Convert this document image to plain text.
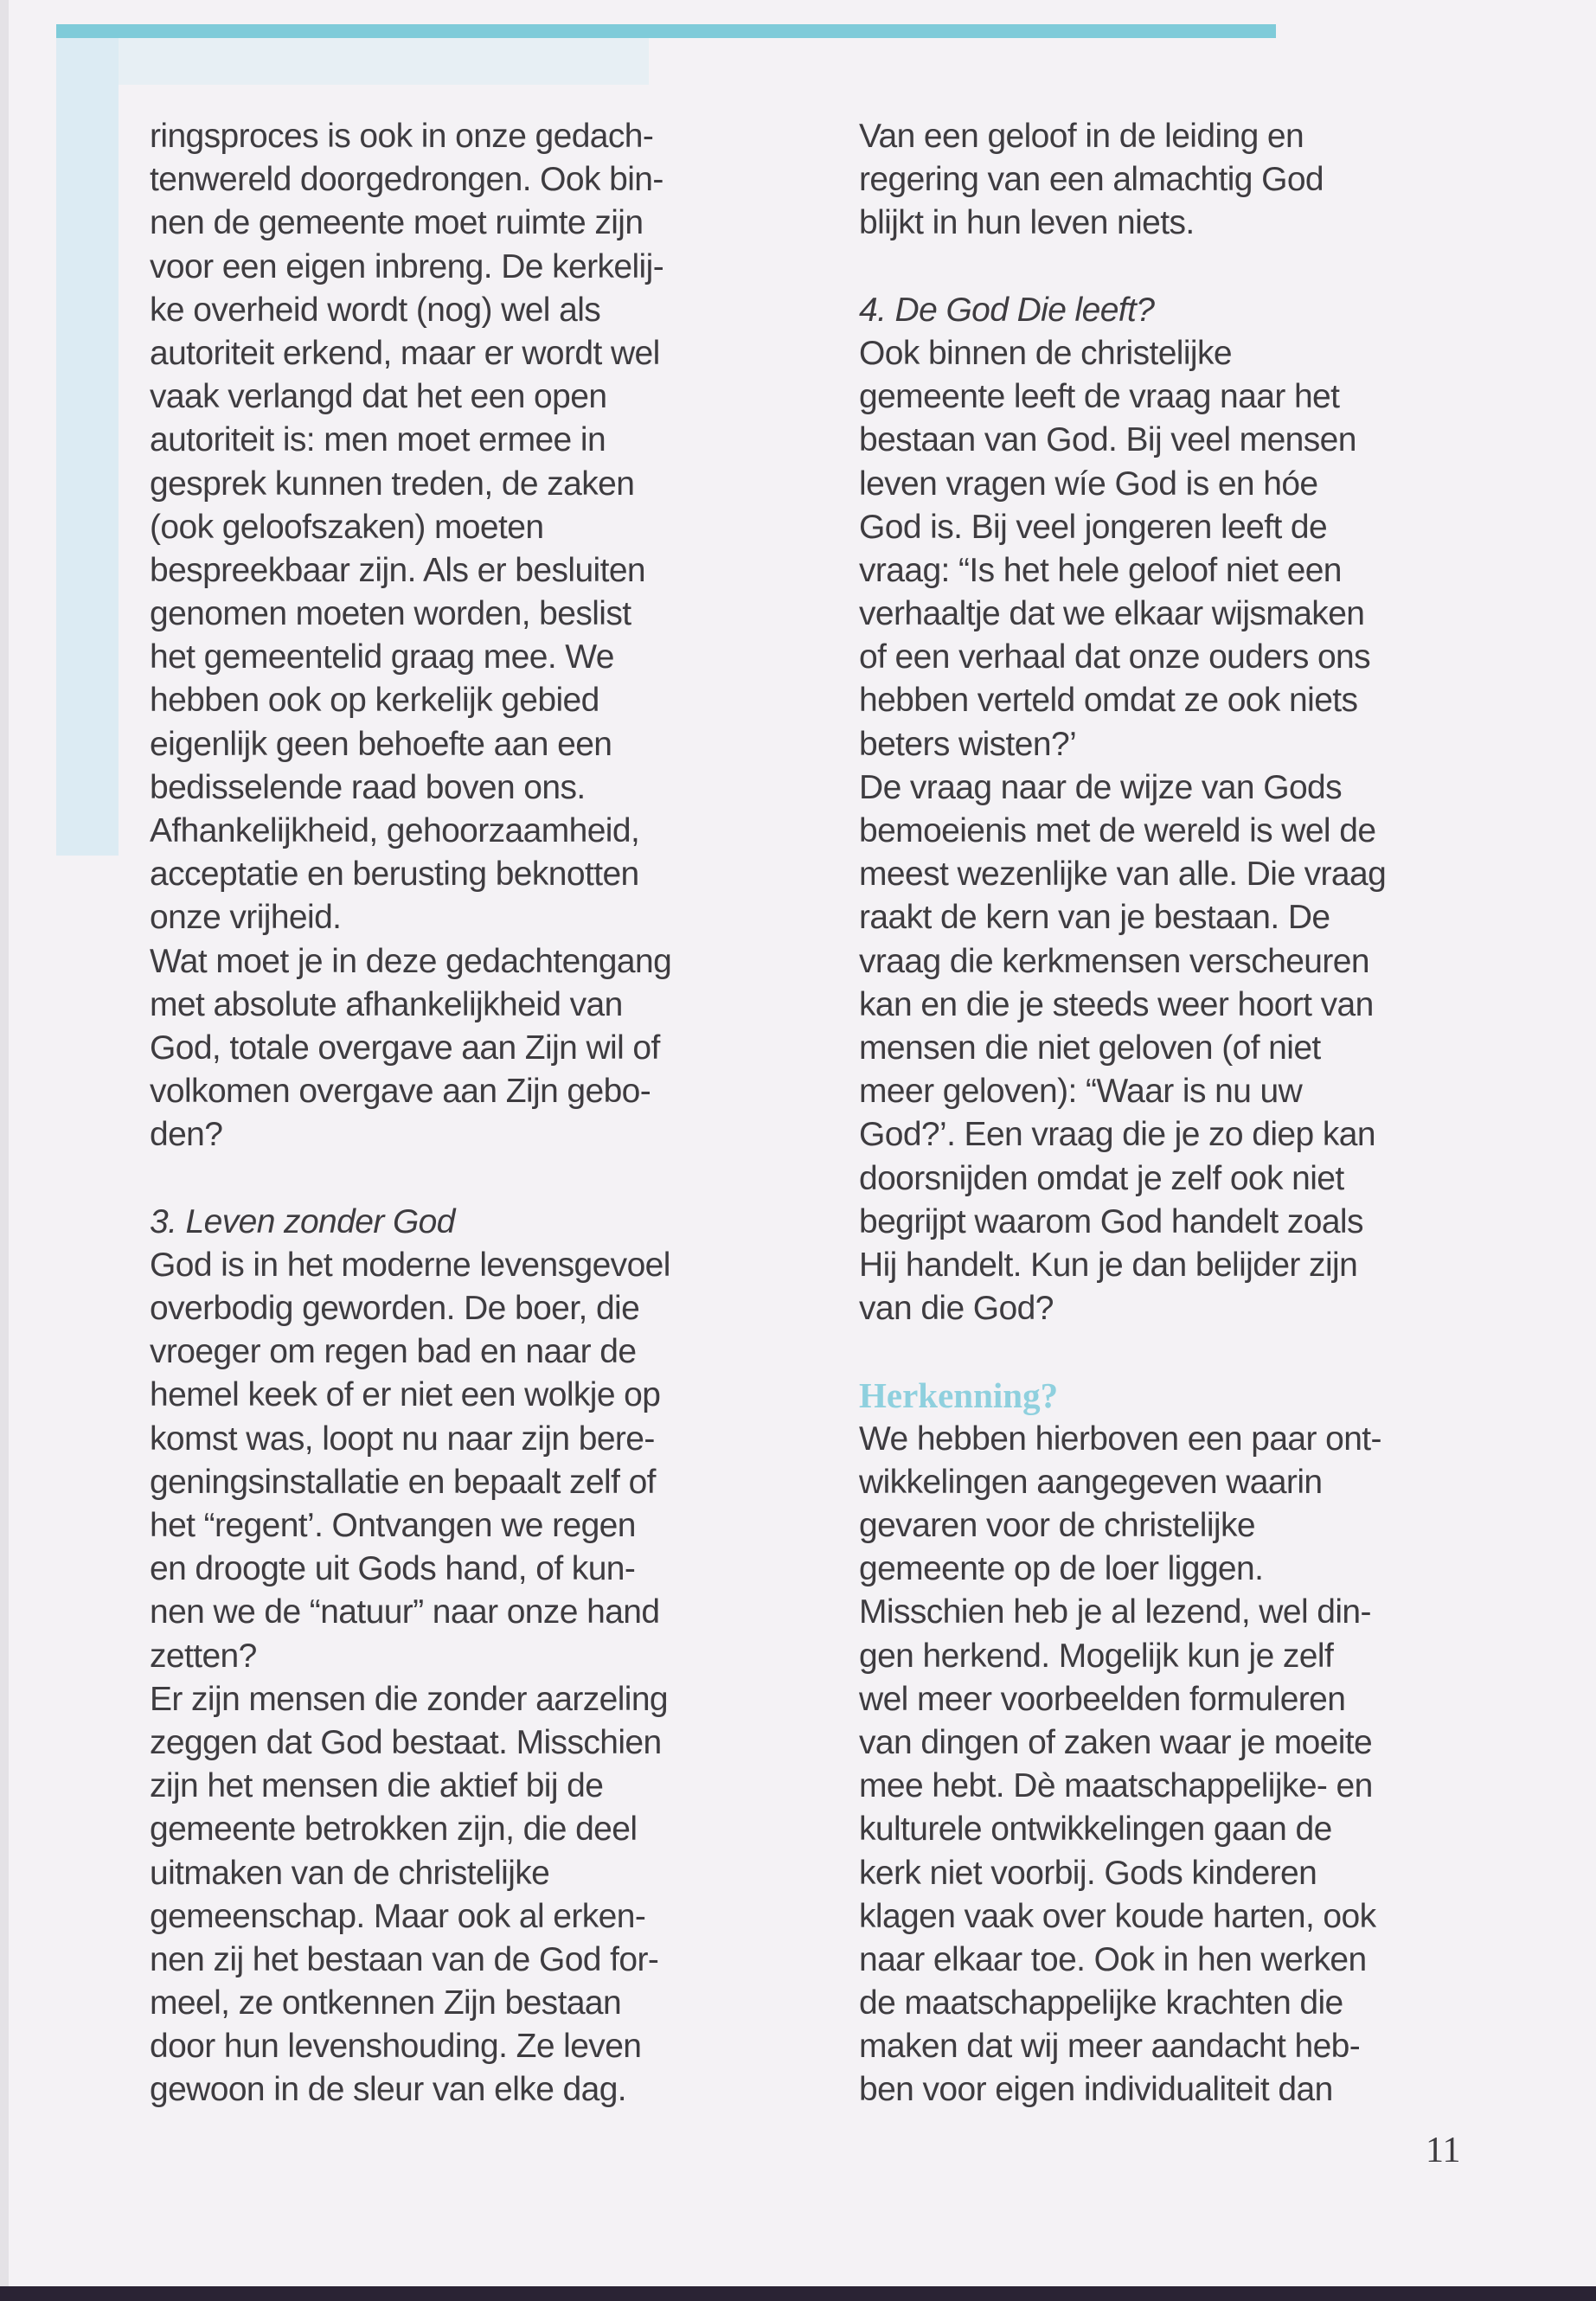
ringsproces is ook in onze gedach-
tenwereld doorgedrongen. Ook bin-
nen de gemeente moet ruimte zijn
voor een eigen inbreng. De kerkelij-
ke overheid wordt (nog) wel als
autoriteit erkend, maar er wordt wel
vaak verlangd dat het een open
autoriteit is: men moet ermee in
gesprek kunnen treden, de zaken
(ook geloofszaken) moeten
bespreekbaar zijn. Als er besluiten
genomen moeten worden, beslist
het gemeentelid graag mee. We
hebben ook op kerkelijk gebied
eigenlijk geen behoefte aan een
bedisselende raad boven ons.
Afhankelijkheid, gehoorzaamheid,
acceptatie en berusting beknotten
onze vrijheid.
Wat moet je in deze gedachtengang
met absolute afhankelijkheid van
God, totale overgave aan Zijn wil of
volkomen overgave aan Zijn gebo-
den?
3. Leven zonder God
God is in het moderne levensgevoel
overbodig geworden. De boer, die
vroeger om regen bad en naar de
hemel keek of er niet een wolkje op
komst was, loopt nu naar zijn bere-
geningsinstallatie en bepaalt zelf of
het “regent’. Ontvangen we regen
en droogte uit Gods hand, of kun-
nen we de “natuur” naar onze hand
zetten?
Er zijn mensen die zonder aarzeling
zeggen dat God bestaat. Misschien
zijn het mensen die aktief bij de
gemeente betrokken zijn, die deel
uitmaken van de christelijke
gemeenschap. Maar ook al erken-
nen zij het bestaan van de God for-
meel, ze ontkennen Zijn bestaan
door hun levenshouding. Ze leven
gewoon in de sleur van elke dag.
Van een geloof in de leiding en
regering van een almachtig God
blijkt in hun leven niets.
4. De God Die leeft?
Ook binnen de christelijke
gemeente leeft de vraag naar het
bestaan van God. Bij veel mensen
leven vragen wíe God is en hóe
God is. Bij veel jongeren leeft de
vraag: “Is het hele geloof niet een
verhaaltje dat we elkaar wijsmaken
of een verhaal dat onze ouders ons
hebben verteld omdat ze ook niets
beters wisten?’
De vraag naar de wijze van Gods
bemoeienis met de wereld is wel de
meest wezenlijke van alle. Die vraag
raakt de kern van je bestaan. De
vraag die kerkmensen verscheuren
kan en die je steeds weer hoort van
mensen die niet geloven (of niet
meer geloven): “Waar is nu uw
God?’. Een vraag die je zo diep kan
doorsnijden omdat je zelf ook niet
begrijpt waarom God handelt zoals
Hij handelt. Kun je dan belijder zijn
van die God?
Herkenning?
We hebben hierboven een paar ont-
wikkelingen aangegeven waarin
gevaren voor de christelijke
gemeente op de loer liggen.
Misschien heb je al lezend, wel din-
gen herkend. Mogelijk kun je zelf
wel meer voorbeelden formuleren
van dingen of zaken waar je moeite
mee hebt. Dè maatschappelijke- en
kulturele ontwikkelingen gaan de
kerk niet voorbij. Gods kinderen
klagen vaak over koude harten, ook
naar elkaar toe. Ook in hen werken
de maatschappelijke krachten die
maken dat wij meer aandacht heb-
ben voor eigen individualiteit dan
11
